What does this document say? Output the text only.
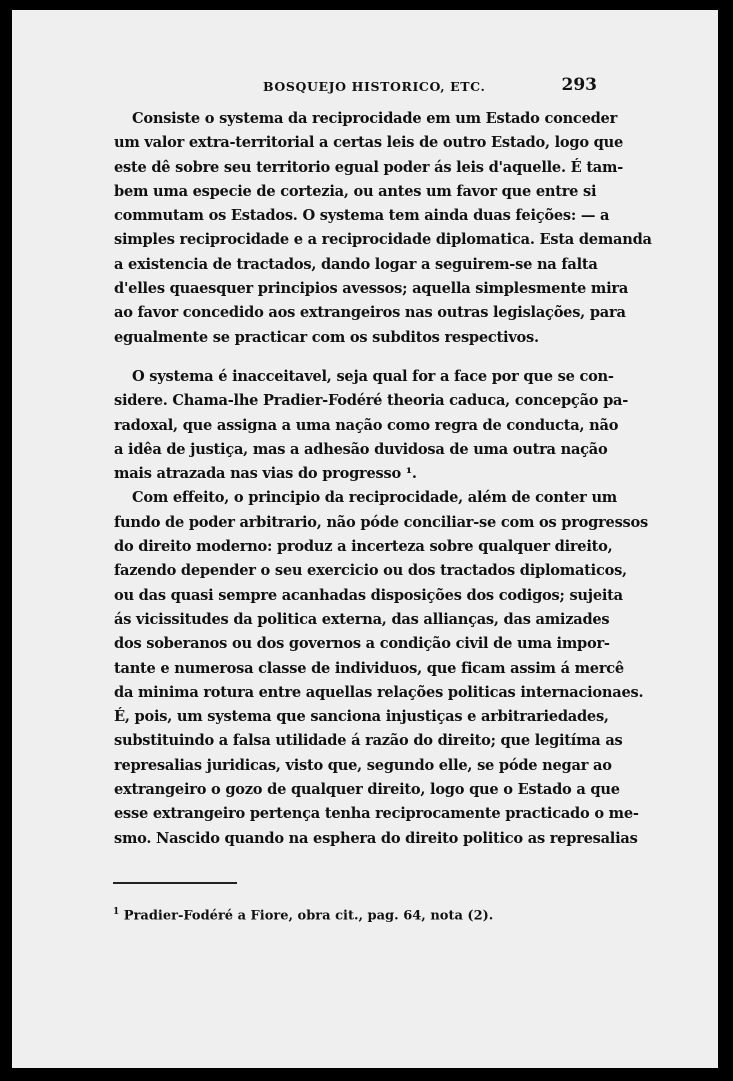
BOSQUEJO HISTORICO, ETC.	293
Consiste o systema da reciprocidade em um Estado conceder
um valor extra-territorial a certas leis de outro Estado, logo que
este dê sobre seu territorio egual poder ás leis d'aquelle. É tam-
bem uma especie de cortezia, ou antes um favor que entre si
commutam os Estados. O systema tem ainda duas feições: — a
simples reciprocidade e a reciprocidade diplomatica. Esta demanda
a existencia de tractados, dando logar a seguirem-se na falta
d'elles quaesquer principios avessos; aquella simplesmente mira
ao favor concedido aos extrangeiros nas outras legislações, para
egualmente se practicar com os subditos respectivos.
O systema é inacceitavel, seja qual for a face por que se con-
sidere. Chama-lhe Pradier-Fodéré theoria caduca, concepção pa-
radoxal, que assigna a uma nação como regra de conducta, não
a idêa de justiça, mas a adhesão duvidosa de uma outra nação
mais atrazada nas vias do progresso ¹.
Com effeito, o principio da reciprocidade, além de conter um
fundo de poder arbitrario, não póde conciliar-se com os progressos
do direito moderno: produz a incerteza sobre qualquer direito,
fazendo depender o seu exercicio ou dos tractados diplomaticos,
ou das quasi sempre acanhadas disposições dos codigos; sujeita
ás vicissitudes da politica externa, das allianças, das amizades
dos soberanos ou dos governos a condição civil de uma impor-
tante e numerosa classe de individuos, que ficam assim á mercê
da minima rotura entre aquellas relações politicas internacionaes.
É, pois, um systema que sanciona injustiças e arbitrariedades,
substituindo a falsa utilidade á razão do direito; que legitíma as
represalias juridicas, visto que, segundo elle, se póde negar ao
extrangeiro o gozo de qualquer direito, logo que o Estado a que
esse extrangeiro pertença tenha reciprocamente practicado o me-
smo. Nascido quando na esphera do direito politico as represalias
$^1$ Pradier-Fodéré a Fiore, obra cit., pag. 64, nota (2).
